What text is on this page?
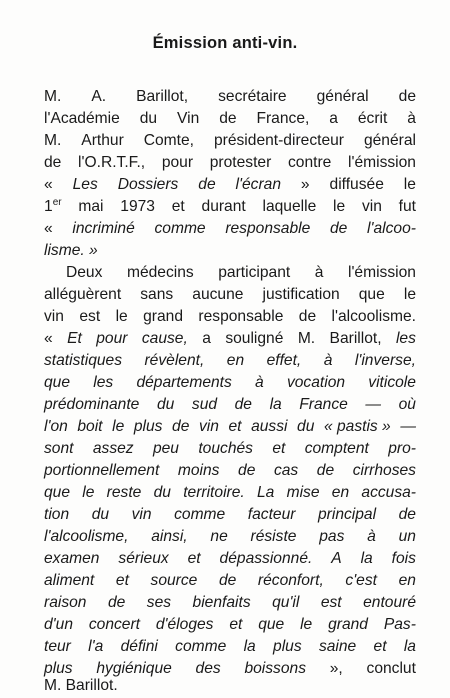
Émission anti-vin.
M. A. Barillot, secrétaire général de
l'Académie du Vin de France, a écrit à
M. Arthur Comte, président-directeur général
de l'O.R.T.F., pour protester contre l'émission
« Les Dossiers de l'écran » diffusée le
1er mai 1973 et durant laquelle le vin fut
« incriminé comme responsable de l'alcoo-
lisme. »
Deux médecins participant à l'émission
alléguèrent sans aucune justification que le
vin est le grand responsable de l'alcoolisme.
« Et pour cause, a souligné M. Barillot, les
statistiques révèlent, en effet, à l'inverse,
que les départements à vocation viticole
prédominante du sud de la France — où
l'on boit le plus de vin et aussi du « pastis » —
sont assez peu touchés et comptent pro-
portionnellement moins de cas de cirrhoses
que le reste du territoire. La mise en accusa-
tion du vin comme facteur principal de
l'alcoolisme, ainsi, ne résiste pas à un
examen sérieux et dépassionné. A la fois
aliment et source de réconfort, c'est en
raison de ses bienfaits qu'il est entouré
d'un concert d'éloges et que le grand Pas-
teur l'a défini comme la plus saine et la
plus hygiénique des boissons », conclut
M. Barillot.
